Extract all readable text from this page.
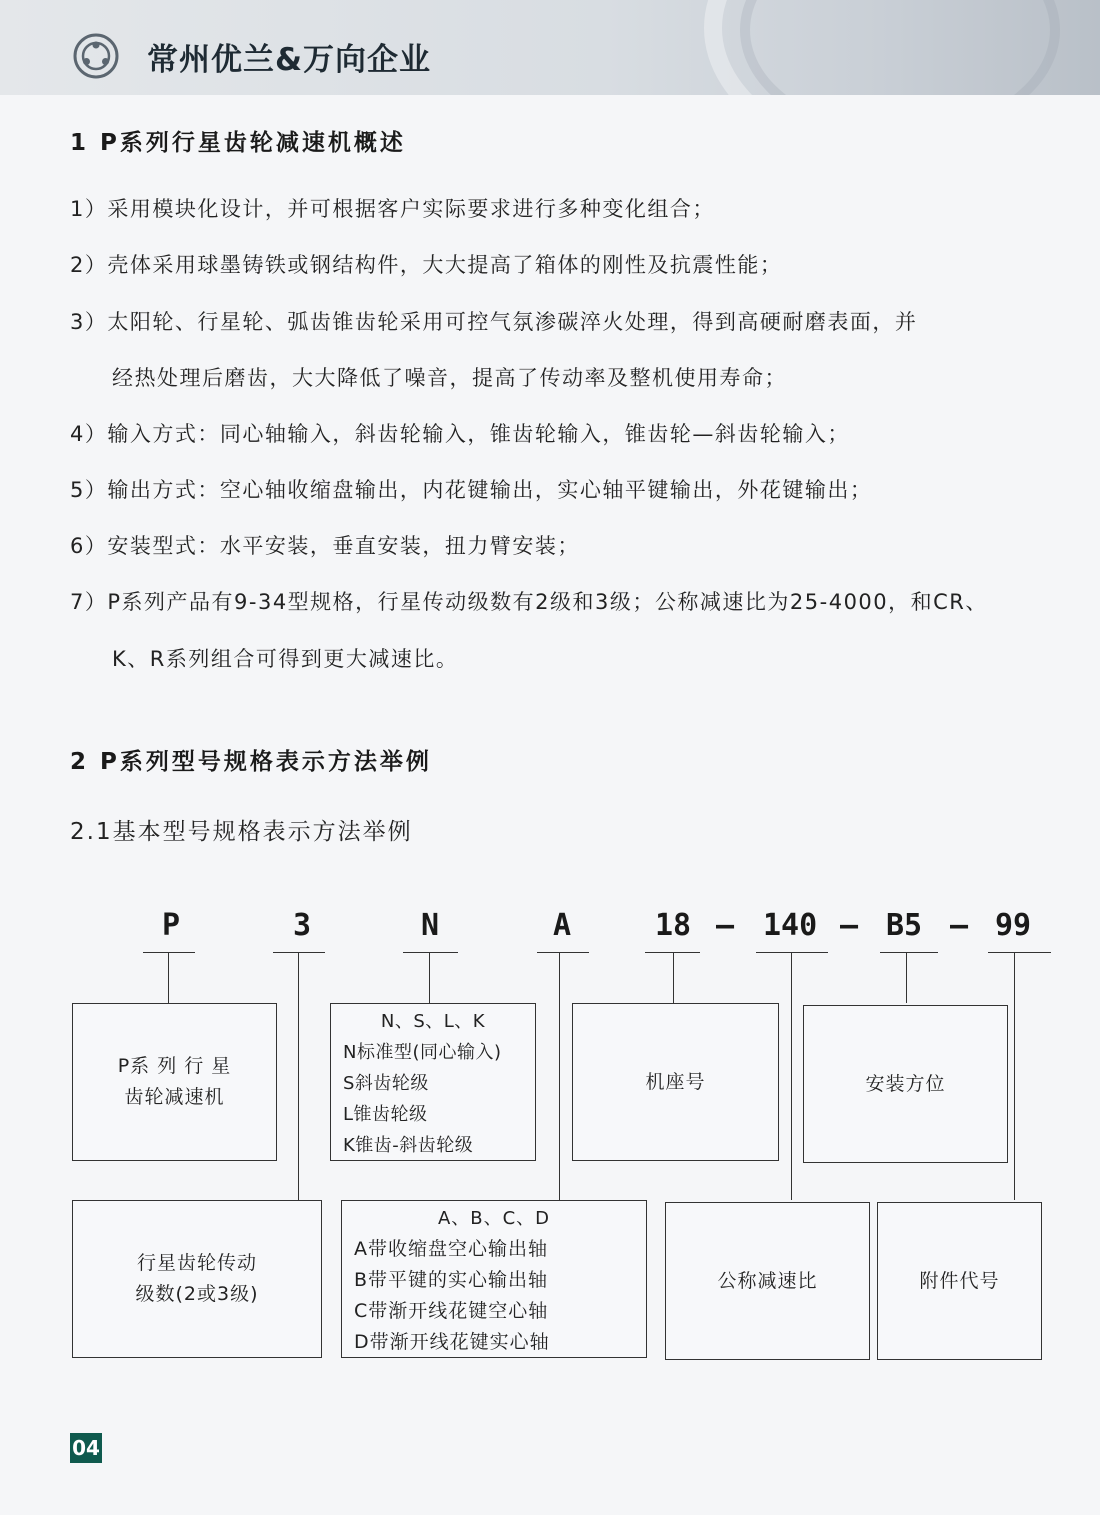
常州优兰&万向企业
1 P系列行星齿轮减速机概述
1）采用模块化设计，并可根据客户实际要求进行多种变化组合；
2）壳体采用球墨铸铁或钢结构件，大大提高了箱体的刚性及抗震性能；
3）太阳轮、行星轮、弧齿锥齿轮采用可控气氛渗碳淬火处理，得到高硬耐磨表面，并
经热处理后磨齿，大大降低了噪音，提高了传动率及整机使用寿命；
4）输入方式：同心轴输入，斜齿轮输入，锥齿轮输入，锥齿轮—斜齿轮输入；
5）输出方式：空心轴收缩盘输出，内花键输出，实心轴平键输出，外花键输出；
6）安装型式：水平安装，垂直安装，扭力臂安装；
7）P系列产品有9-34型规格，行星传动级数有2级和3级；公称减速比为25-4000，和CR、
K、R系列组合可得到更大减速比。
2 P系列型号规格表示方法举例
2.1基本型号规格表示方法举例
P	3	N	A	18 – 140 – B5 – 99
P系 列 行 星
齿轮减速机
N、S、L、K
N标准型(同心输入)
S斜齿轮级
L锥齿轮级
K锥齿-斜齿轮级
机座号	安装方位
行星齿轮传动
级数(2或3级)
A、B、C、D
A带收缩盘空心输出轴
B带平键的实心输出轴
C带渐开线花键空心轴
D带渐开线花键实心轴
公称减速比	附件代号
04
